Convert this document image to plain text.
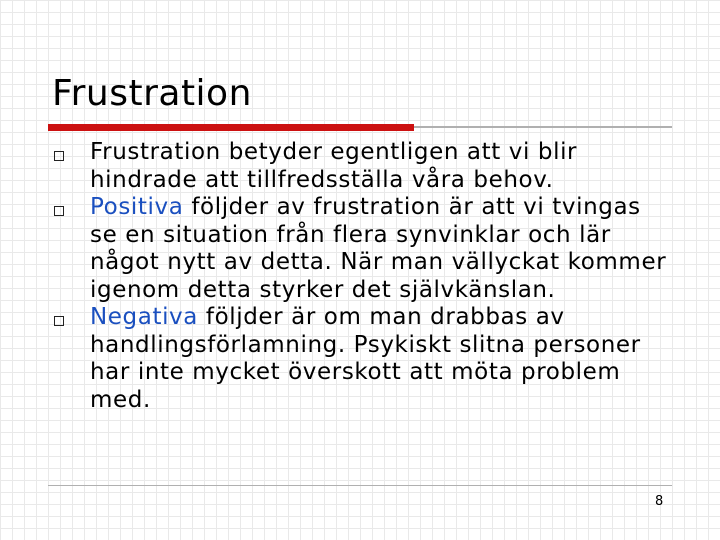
Frustration
Frustration betyder egentligen att vi blir hindrade att tillfredsställa våra behov.
Positiva följder av frustration är att vi tvingas se en situation från flera synvinklar och lär något nytt av detta. När man vällyckat kommer igenom detta styrker det självkänslan.
Negativa följder är om man drabbas av handlingsförlamning. Psykiskt slitna personer har inte mycket överskott att möta problem med.
8
